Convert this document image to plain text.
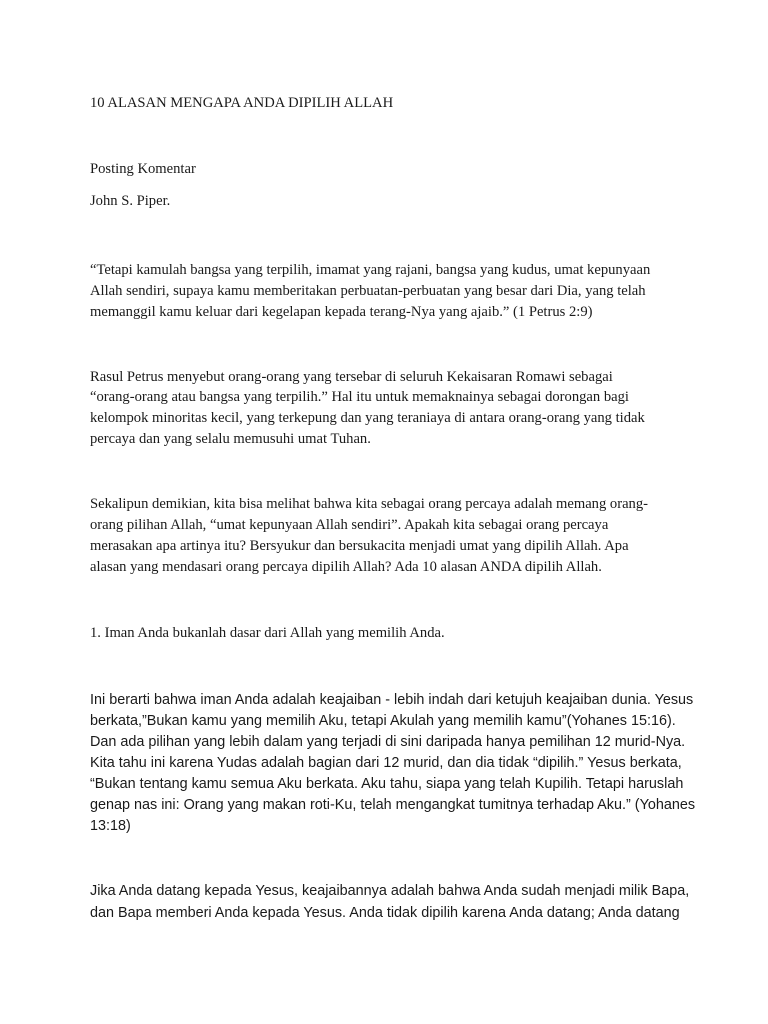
10 ALASAN MENGAPA ANDA DIPILIH ALLAH

Posting Komentar

John S. Piper.

“Tetapi kamulah bangsa yang terpilih, imamat yang rajani, bangsa yang kudus, umat kepunyaan

Allah sendiri, supaya kamu memberitakan perbuatan-perbuatan yang besar dari Dia, yang telah

memanggil kamu keluar dari kegelapan kepada terang-Nya yang ajaib.” (1 Petrus 2:9)

Rasul Petrus menyebut orang-orang yang tersebar di seluruh Kekaisaran Romawi sebagai

“orang-orang atau bangsa yang terpilih.” Hal itu untuk memaknainya sebagai dorongan bagi

kelompok minoritas kecil, yang terkepung dan yang teraniaya di antara orang-orang yang tidak

percaya dan yang selalu memusuhi umat Tuhan.

Sekalipun demikian, kita bisa melihat bahwa kita sebagai orang percaya adalah memang orang-

orang pilihan Allah, “umat kepunyaan Allah sendiri”. Apakah kita sebagai orang percaya

merasakan apa artinya itu? Bersyukur dan bersukacita menjadi umat yang dipilih Allah. Apa

alasan yang mendasari orang percaya dipilih Allah? Ada 10 alasan ANDA dipilih Allah.

1. Iman Anda bukanlah dasar dari Allah yang memilih Anda.

Ini berarti bahwa iman Anda adalah keajaiban - lebih indah dari ketujuh keajaiban dunia. Yesus

berkata,”Bukan kamu yang memilih Aku, tetapi Akulah yang memilih kamu”(Yohanes 15:16).

Dan ada pilihan yang lebih dalam yang terjadi di sini daripada hanya pemilihan 12 murid-Nya.

Kita tahu ini karena Yudas adalah bagian dari 12 murid, dan dia tidak “dipilih.” Yesus berkata,

“Bukan tentang kamu semua Aku berkata. Aku tahu, siapa yang telah Kupilih. Tetapi haruslah

genap nas ini: Orang yang makan roti-Ku, telah mengangkat tumitnya terhadap Aku.” (Yohanes

13:18)

Jika Anda datang kepada Yesus, keajaibannya adalah bahwa Anda sudah menjadi milik Bapa,

dan Bapa memberi Anda kepada Yesus. Anda tidak dipilih karena Anda datang; Anda datang
